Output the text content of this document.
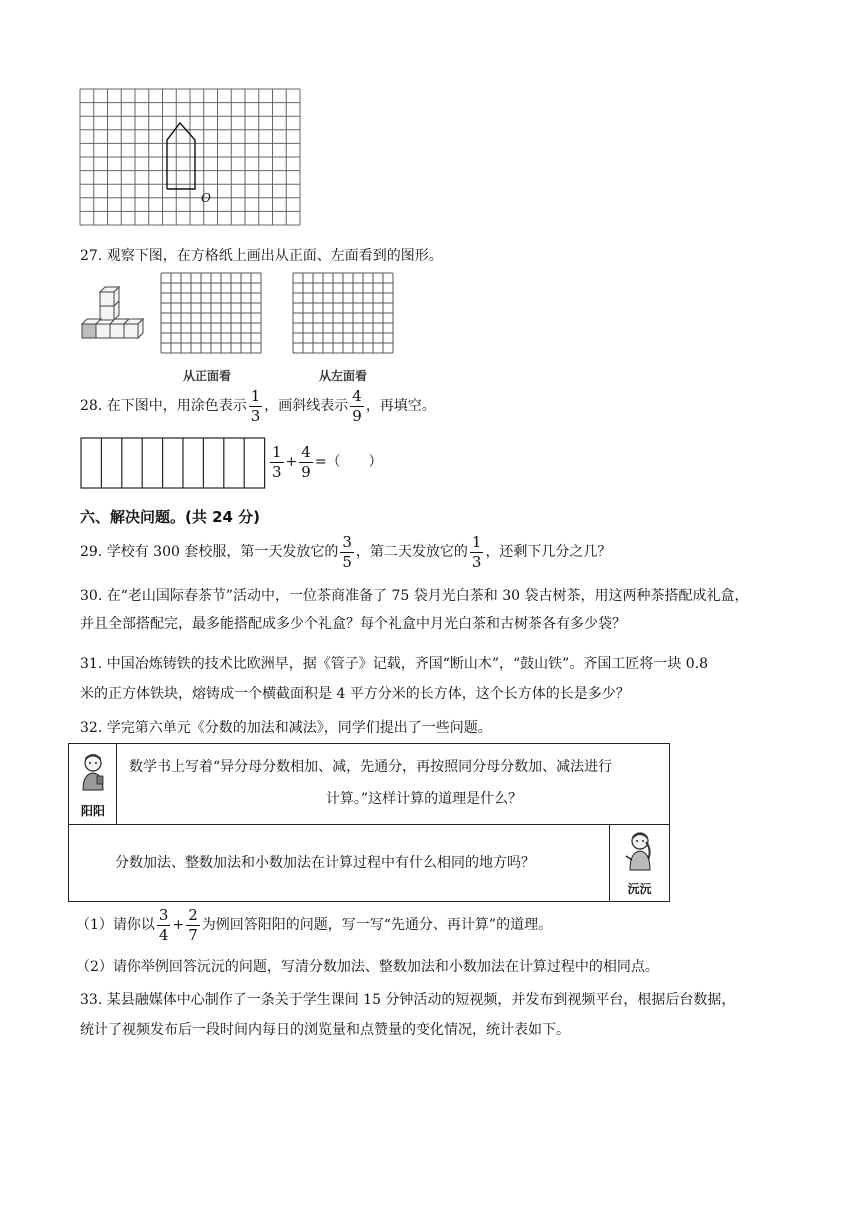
O
27. 观察下图，在方格纸上画出从正面、左面看到的图形。
从正面看	从左面看
28. 在下图中，用涂色表示 $\frac{1}{3}$ ，画斜线表示 $\frac{4}{9}$ ，再填空。
$\frac{1}{3} + \frac{4}{9}$ =（　　）
六、解决问题。(共 24 分)
29. 学校有 300 套校服，第一天发放它的 $\frac{3}{5}$ ，第二天发放它的 $\frac{1}{3}$ ，还剩下几分之几？
30. 在“老山国际春茶节”活动中，一位茶商准备了 75 袋月光白茶和 30 袋古树茶，用这两种茶搭配成礼盒，
并且全部搭配完，最多能搭配成多少个礼盒？每个礼盒中月光白茶和古树茶各有多少袋？
31. 中国冶炼铸铁的技术比欧洲早，据《管子》记载，齐国“断山木”，“鼓山铁”。齐国工匠将一块 0.8
米的正方体铁块，熔铸成一个横截面积是 4 平方分米的长方体，这个长方体的长是多少？
32. 学完第六单元《分数的加法和减法》，同学们提出了一些问题。
阳阳
数学书上写着“异分母分数相加、减，先通分，再按照同分母分数加、减法进行
计算。”这样计算的道理是什么？
分数加法、整数加法和小数加法在计算过程中有什么相同的地方吗？
沅沅
（1）请你以 $\frac{3}{4} + \frac{2}{7}$ 为例回答阳阳的问题，写一写“先通分、再计算”的道理。
（2）请你举例回答沅沅的问题，写清分数加法、整数加法和小数加法在计算过程中的相同点。
33. 某县融媒体中心制作了一条关于学生课间 15 分钟活动的短视频，并发布到视频平台，根据后台数据，
统计了视频发布后一段时间内每日的浏览量和点赞量的变化情况，统计表如下。
